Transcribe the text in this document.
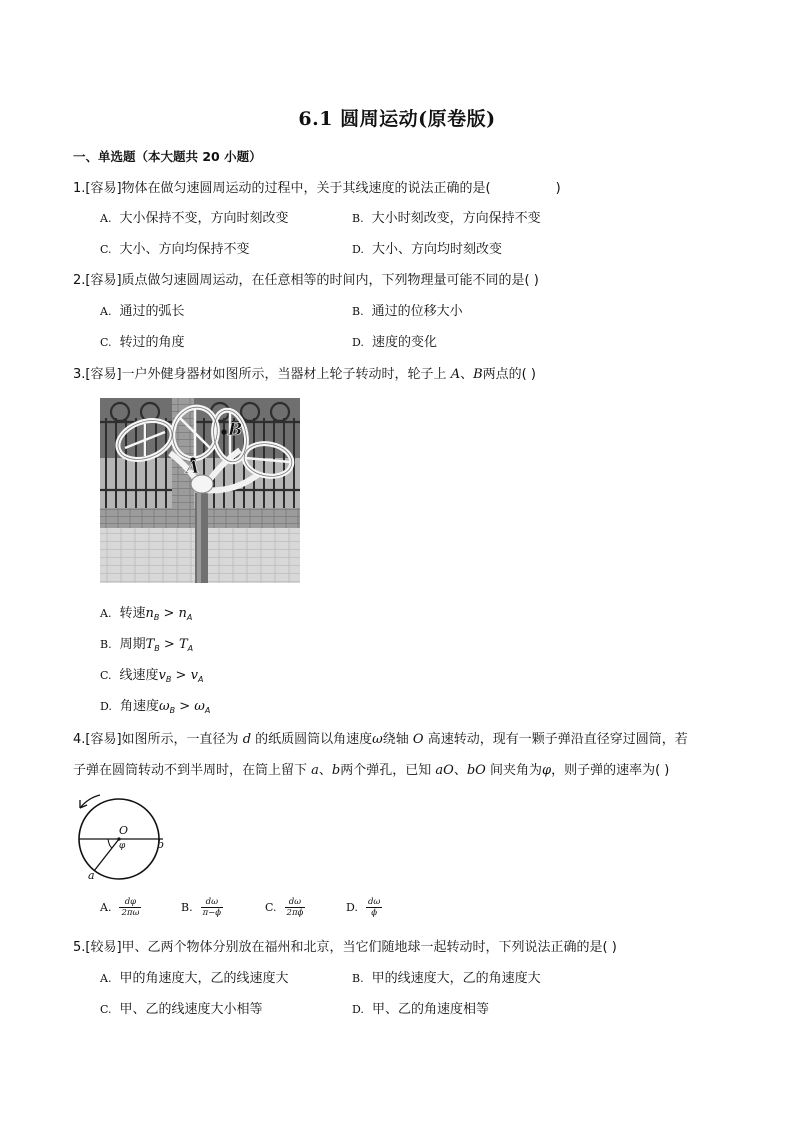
6.1 圆周运动(原卷版)
一、单选题（本大题共 20 小题）
1.[容易]物体在做匀速圆周运动的过程中，关于其线速度的说法正确的是(　　　　　)
A. 大小保持不变，方向时刻改变	B. 大小时刻改变，方向保持不变
C. 大小、方向均保持不变	D. 大小、方向均时刻改变
2.[容易]质点做匀速圆周运动，在任意相等的时间内，下列物理量可能不同的是( )
A. 通过的弧长	B. 通过的位移大小
C. 转过的角度	D. 速度的变化
3.[容易]一户外健身器材如图所示，当器材上轮子转动时，轮子上 A、B两点的( )
A
B
A. 转速$n_B > n_A$
B. 周期$T_B > T_A$
C. 线速度$v_B > v_A$
D. 角速度$\omega_B > \omega_A$
4.[容易]如图所示，一直径为 d 的纸质圆筒以角速度ω绕轴 O 高速转动，现有一颗子弹沿直径穿过圆筒，若
子弹在圆筒转动不到半周时，在筒上留下 a、b两个弹孔，已知 aO、bO 间夹角为φ，则子弹的速率为( )
O
φ	b
a
A. $\frac{d\varphi}{2\pi\omega}$	B. $\frac{d\omega}{\pi-\phi}$	C. $\frac{d\omega}{2\pi\phi}$	D. $\frac{d\omega}{\phi}$
5.[较易]甲、乙两个物体分别放在福州和北京，当它们随地球一起转动时，下列说法正确的是( )
A. 甲的角速度大，乙的线速度大	B. 甲的线速度大，乙的角速度大
C. 甲、乙的线速度大小相等	D. 甲、乙的角速度相等
